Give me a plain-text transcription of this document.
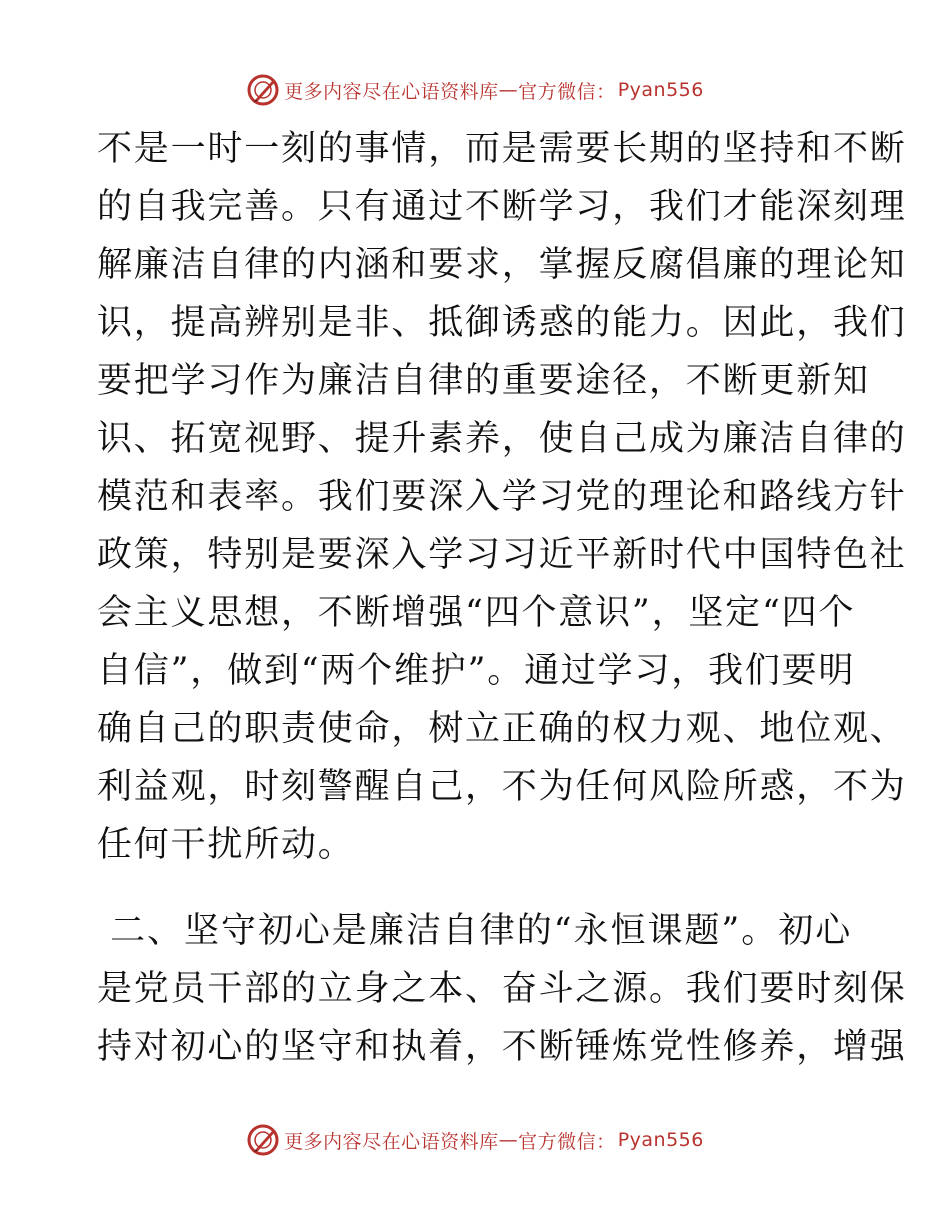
更多内容尽在心语资料库 — 官方微信： Pyan556
不是一时一刻的事情，而是需要长期的坚持和不断
的自我完善。只有通过不断学习，我们才能深刻理
解廉洁自律的内涵和要求，掌握反腐倡廉的理论知
识，提高辨别是非、抵御诱惑的能力。因此，我们
要把学习作为廉洁自律的重要途径，不断更新知
识、拓宽视野、提升素养，使自己成为廉洁自律的
模范和表率。我们要深入学习党的理论和路线方针
政策，特别是要深入学习习近平新时代中国特色社
会主义思想，不断增强“四个意识”，坚定“四个
自信”，做到“两个维护”。通过学习，我们要明
确自己的职责使命，树立正确的权力观、地位观、
利益观，时刻警醒自己，不为任何风险所惑，不为
任何干扰所动。
二、坚守初心是廉洁自律的“永恒课题”。初心
是党员干部的立身之本、奋斗之源。我们要时刻保
持对初心的坚守和执着，不断锤炼党性修养，增强
更多内容尽在心语资料库 — 官方微信： Pyan556
